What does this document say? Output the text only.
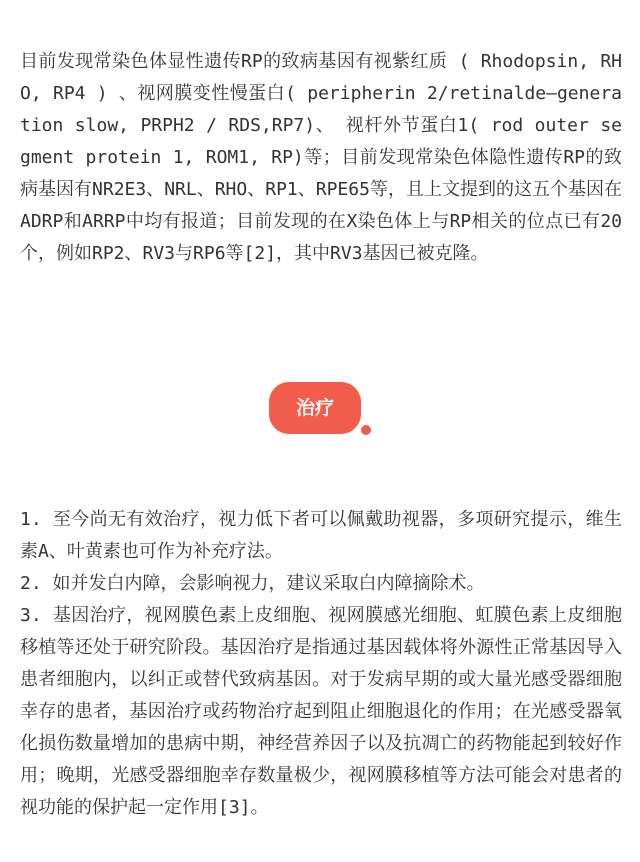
目前发现常染色体显性遗传RP的致病基因有视紫红质 ( Rhodopsin, RHO, RP4 ) 、视网膜变性慢蛋白( peripherin 2/retinalde—generation slow, PRPH2 / RDS,RP7)、 视杆外节蛋白1( rod outer segment protein 1, ROM1, RP)等；目前发现常染色体隐性遗传RP的致病基因有NR2E3、NRL、RHO、RP1、RPE65等，且上文提到的这五个基因在ADRP和ARRP中均有报道；目前发现的在X染色体上与RP相关的位点已有20个，例如RP2、RV3与RP6等[2]，其中RV3基因已被克隆。

治疗
1. 至今尚无有效治疗，视力低下者可以佩戴助视器，多项研究提示，维生素A、叶黄素也可作为补充疗法。
2. 如并发白内障，会影响视力，建议采取白内障摘除术。
3. 基因治疗，视网膜色素上皮细胞、视网膜感光细胞、虹膜色素上皮细胞移植等还处于研究阶段。基因治疗是指通过基因载体将外源性正常基因导入患者细胞内，以纠正或替代致病基因。对于发病早期的或大量光感受器细胞幸存的患者，基因治疗或药物治疗起到阻止细胞退化的作用；在光感受器氧化损伤数量增加的患病中期，神经营养因子以及抗凋亡的药物能起到较好作用；晚期，光感受器细胞幸存数量极少，视网膜移植等方法可能会对患者的视功能的保护起一定作用[3]。
